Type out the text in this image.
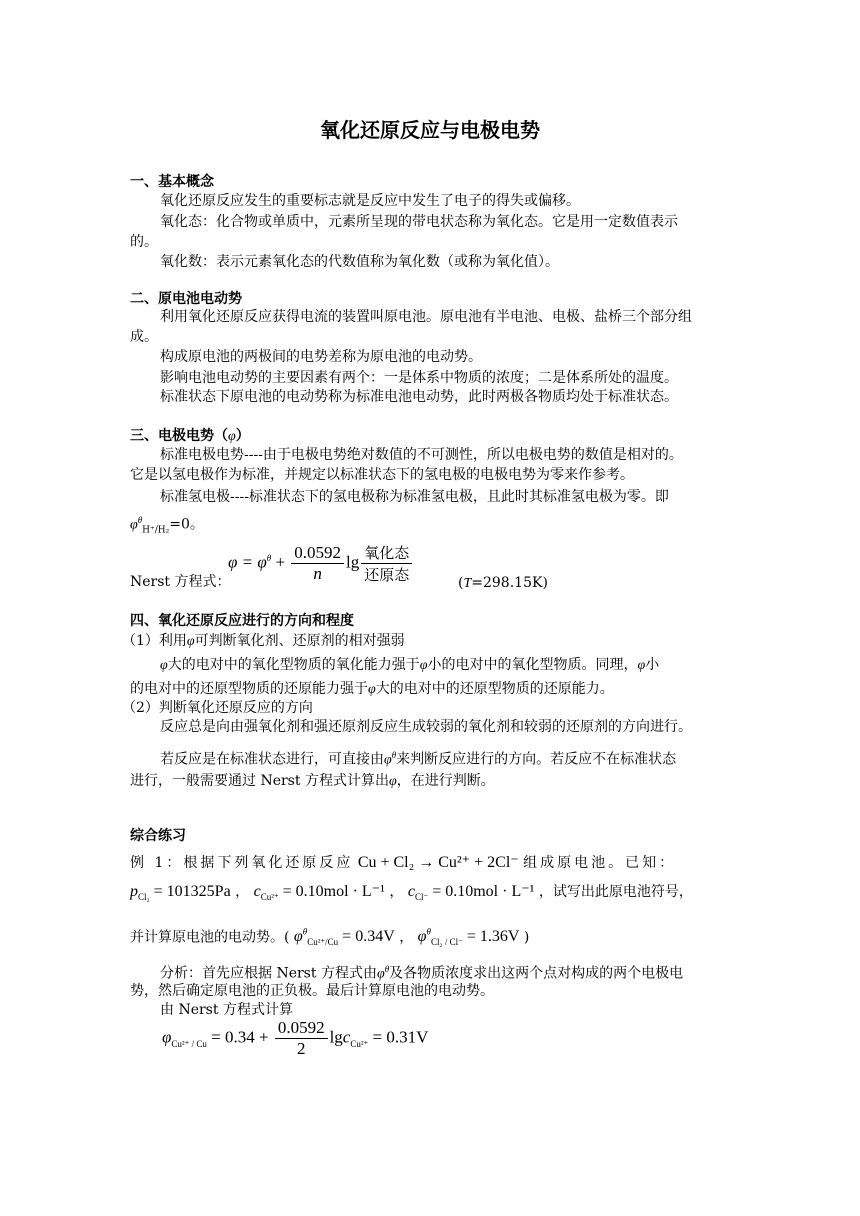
氧化还原反应与电极电势
一、基本概念
氧化还原反应发生的重要标志就是反应中发生了电子的得失或偏移。
氧化态：化合物或单质中，元素所呈现的带电状态称为氧化态。它是用一定数值表示
的。
氧化数：表示元素氧化态的代数值称为氧化数（或称为氧化值）。
二、原电池电动势
利用氧化还原反应获得电流的装置叫原电池。原电池有半电池、电极、盐桥三个部分组
成。
构成原电池的两极间的电势差称为原电池的电动势。
影响电池电动势的主要因素有两个：一是体系中物质的浓度；二是体系所处的温度。
标准状态下原电池的电动势称为标准电池电动势，此时两极各物质均处于标准状态。
三、电极电势（φ）
标准电极电势----由于电极电势绝对数值的不可测性，所以电极电势的数值是相对的。
它是以氢电极作为标准，并规定以标准状态下的氢电极的电极电势为零来作参考。
标准氢电极----标准状态下的氢电极称为标准氢电极，且此时其标准氢电极为零。即
$\varphi^\theta_{H^+/H_2}=0$。
$\varphi = \varphi^\theta + \frac{0.0592}{n}$ $\lg \frac{\text{氧化态}}{\text{还原态}}$
Nerst 方程式：	(T=298.15K)
四、氧化还原反应进行的方向和程度
（1）利用φ可判断氧化剂、还原剂的相对强弱
φ大的电对中的氧化型物质的氧化能力强于φ小的电对中的氧化型物质。同理，φ小
的电对中的还原型物质的还原能力强于φ大的电对中的还原型物质的还原能力。
（2）判断氧化还原反应的方向
反应总是向由强氧化剂和强还原剂反应生成较弱的氧化剂和较弱的还原剂的方向进行。
若反应是在标准状态进行，可直接由$\varphi^\theta$来判断反应进行的方向。若反应不在标准状态
进行，一般需要通过 Nerst 方程式计算出φ，在进行判断。
综合练习
例 1：根据下列氧化还原反应 Cu + Cl₂ → Cu²⁺ + 2Cl⁻ 组成原电池。已知：
$p_{Cl_2} = 101325Pa$ ， $c_{Cu^{2+}} = 0.10mol \cdot L^{-1}$ ， $c_{Cl^-} = 0.10mol \cdot L^{-1}$ ，试写出此原电池符号，
并计算原电池的电动势。( $\varphi^\theta_{Cu^{2+}/Cu} = 0.34V$ ， $\varphi^\theta_{Cl_2 / Cl^-} = 1.36V$ )
分析：首先应根据 Nerst 方程式由$\varphi^\theta$及各物质浓度求出这两个点对构成的两个电极电
势，然后确定原电池的正负极。最后计算原电池的电动势。
由 Nerst 方程式计算
$\varphi_{Cu^{2+} / Cu} = 0.34 + \frac{0.0592}{2} \lg c_{Cu^{2+}} = 0.31V$
